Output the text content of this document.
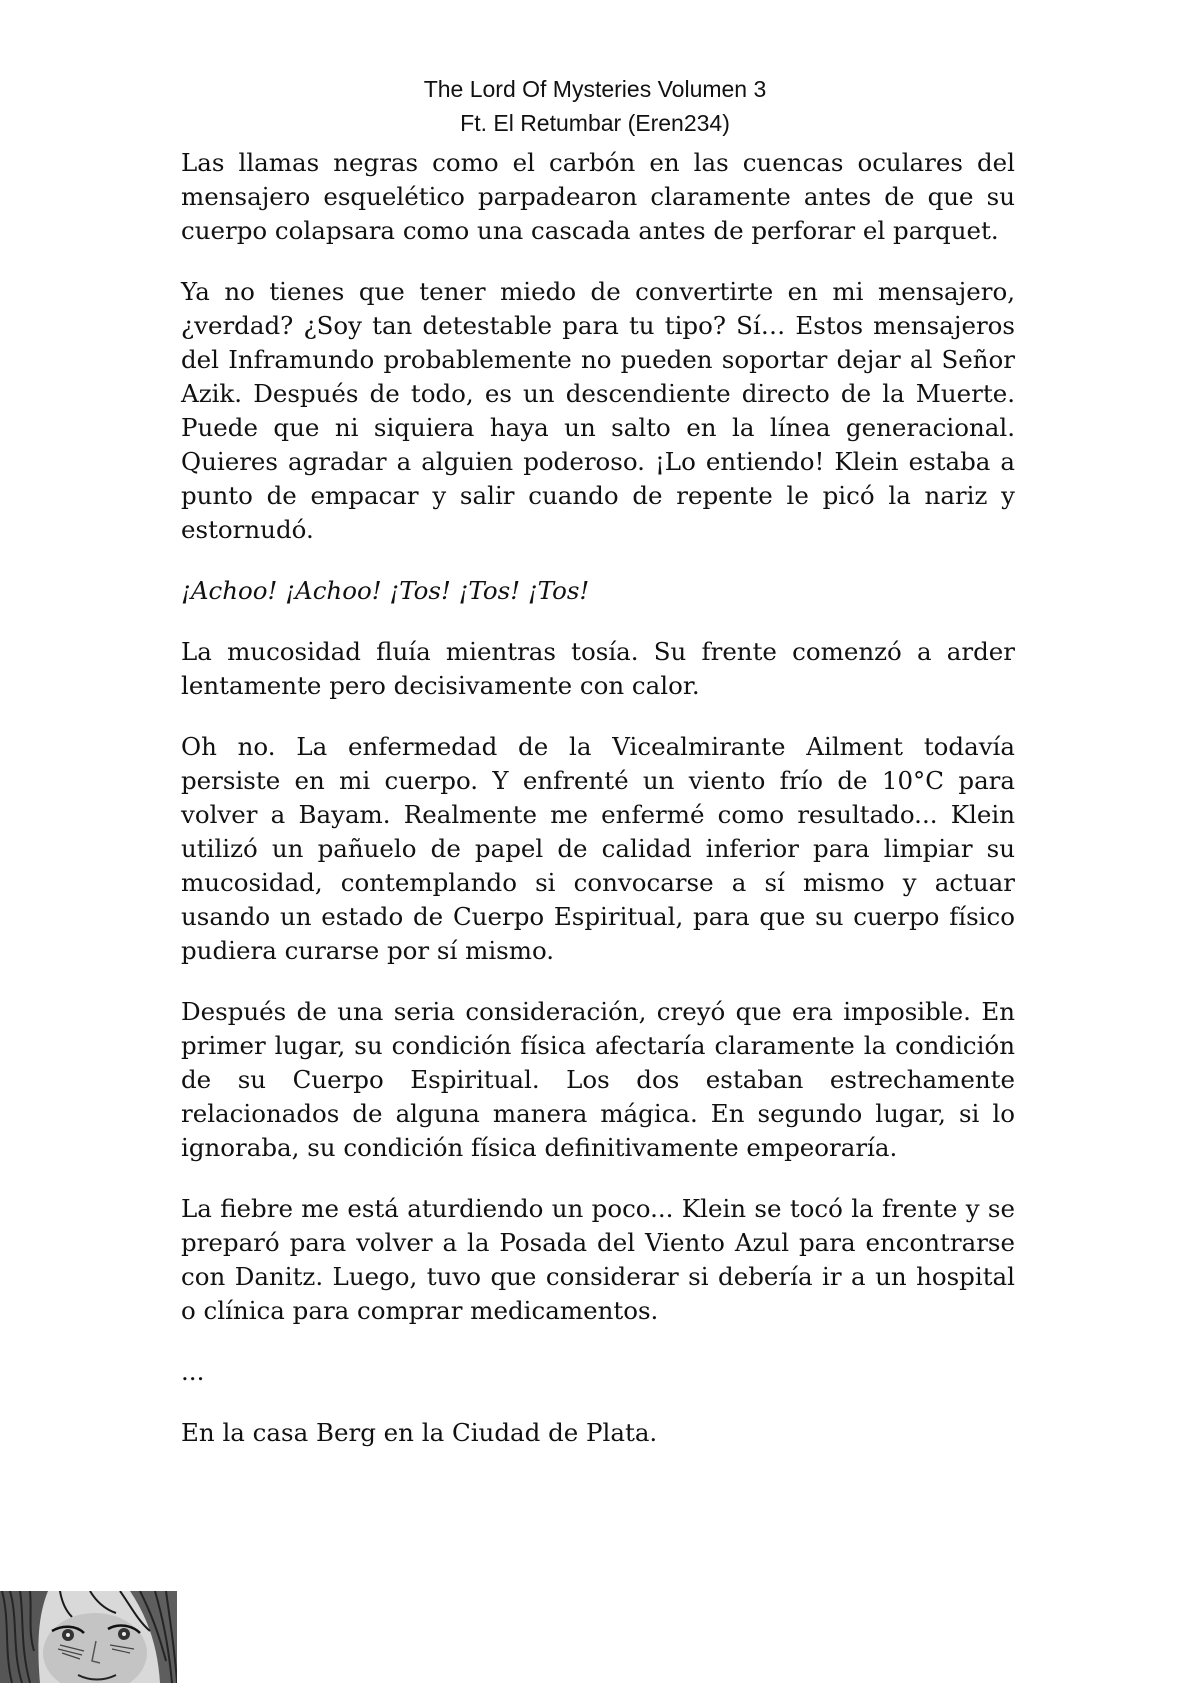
The Lord Of Mysteries Volumen 3
Ft. El Retumbar (Eren234)

Las llamas negras como el carbón en las cuencas oculares del mensajero esquelético parpadearon claramente antes de que su cuerpo colapsara como una cascada antes de perforar el parquet.

Ya no tienes que tener miedo de convertirte en mi mensajero, ¿verdad? ¿Soy tan detestable para tu tipo? Sí… Estos mensajeros del Inframundo probablemente no pueden soportar dejar al Señor Azik. Después de todo, es un descendiente directo de la Muerte. Puede que ni siquiera haya un salto en la línea generacional. Quieres agradar a alguien poderoso. ¡Lo entiendo! Klein estaba a punto de empacar y salir cuando de repente le picó la nariz y estornudó.

¡Achoo! ¡Achoo! ¡Tos! ¡Tos! ¡Tos!

La mucosidad fluía mientras tosía. Su frente comenzó a arder lentamente pero decisivamente con calor.

Oh no. La enfermedad de la Vicealmirante Ailment todavía persiste en mi cuerpo. Y enfrenté un viento frío de 10°C para volver a Bayam. Realmente me enfermé como resultado... Klein utilizó un pañuelo de papel de calidad inferior para limpiar su mucosidad, contemplando si convocarse a sí mismo y actuar usando un estado de Cuerpo Espiritual, para que su cuerpo físico pudiera curarse por sí mismo.

Después de una seria consideración, creyó que era imposible. En primer lugar, su condición física afectaría claramente la condición de su Cuerpo Espiritual. Los dos estaban estrechamente relacionados de alguna manera mágica. En segundo lugar, si lo ignoraba, su condición física definitivamente empeoraría.

La fiebre me está aturdiendo un poco... Klein se tocó la frente y se preparó para volver a la Posada del Viento Azul para encontrarse con Danitz. Luego, tuvo que considerar si debería ir a un hospital o clínica para comprar medicamentos.

...

En la casa Berg en la Ciudad de Plata.
